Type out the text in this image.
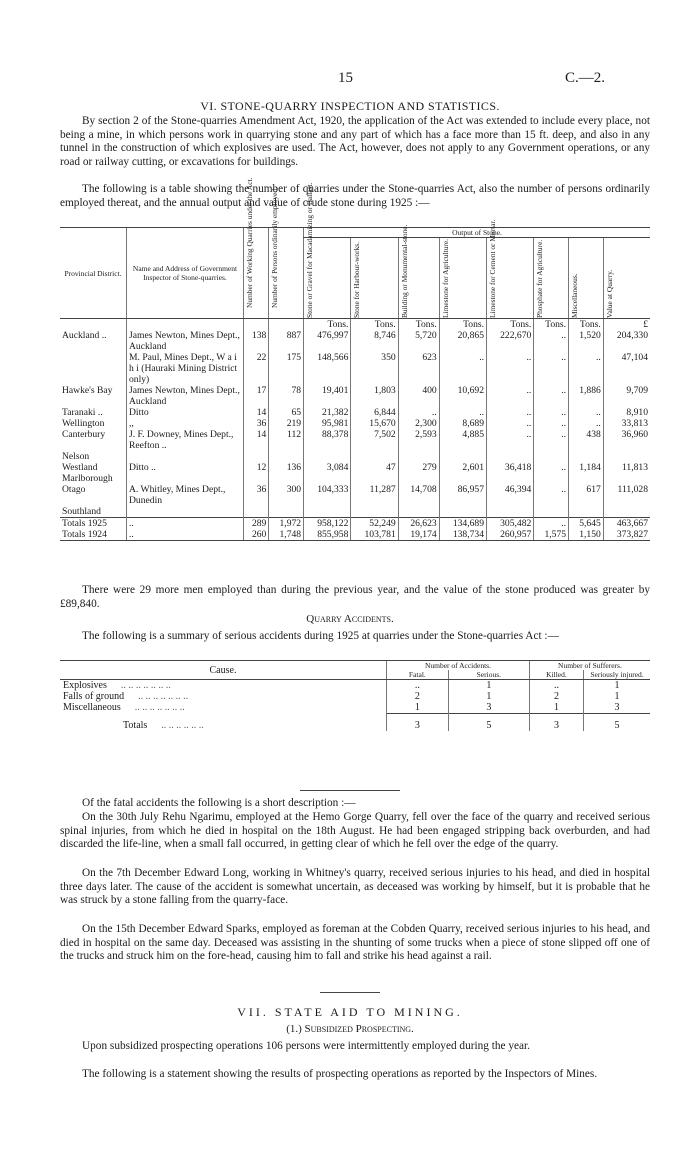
15	C.—2.
VI. STONE-QUARRY INSPECTION AND STATISTICS.
By section 2 of the Stone-quarries Amendment Act, 1920, the application of the Act was extended to include every place, not being a mine, in which persons work in quarrying stone and any part of which has a face more than 15 ft. deep, and also in any tunnel in the construction of which explosives are used. The Act, however, does not apply to any Government operations, or any road or railway cutting, or excavations for buildings.
The following is a table showing the number of quarries under the Stone-quarries Act, also the number of persons ordinarily employed thereat, and the annual output and value of crude stone during 1925 :—
Provincial District.	Name and Address of Government Inspector of Stone-quarries.	Number of Working Quarries under the Act.	Number of Persons ordinarily employed.	Output of Stone.							

				Stone or Gravel for Macadamizing or Ballast.	Stone for Harbour-works.	Building or Monumental-stone.	Limestone for Agriculture.	Limestone for Cement or Mortar.	Phosphate for Agriculture.	Miscellaneous.	Value at Quarry.

				Tons.	Tons.	Tons.	Tons.	Tons.	Tons.	Tons.	£
Auckland ..	James Newton, Mines Dept., Auckland	138	887	476,997	8,746	5,720	20,865	222,670	..	1,520	204,330
	M. Paul, Mines Dept., W a i h i (Hauraki Mining District only)	22	175	148,566	350	623	..	..	..	..	47,104
Hawke's Bay	James Newton, Mines Dept., Auckland	17	78	19,401	1,803	400	10,692	..	..	1,886	9,709
Taranaki ..	Ditto	14	65	21,382	6,844	..	..	..	..	..	8,910
Wellington	,,	36	219	95,981	15,670	2,300	8,689	..	..	..	33,813
Canterbury	J. F. Downey, Mines Dept., Reefton ..	14	112	88,378	7,502	2,593	4,885	..	..	438	36,960
Nelson											
Westland	Ditto ..	12	136	3,084	47	279	2,601	36,418	..	1,184	11,813
Marlborough											
Otago	A. Whitley, Mines Dept., Dunedin	36	300	104,333	11,287	14,708	86,957	46,394	..	617	111,028
Southland											
Totals 1925	..	289	1,972	958,122	52,249	26,623	134,689	305,482	..	5,645	463,667
Totals 1924	..	260	1,748	855,958	103,781	19,174	138,734	260,957	1,575	1,150	373,827
There were 29 more men employed than during the previous year, and the value of the stone produced was greater by £89,840.
Quarry Accidents.
The following is a summary of serious accidents during 1925 at quarries under the Stone-quarries Act :—
Cause.	Number of Accidents.		Number of Sufferers.	
	Fatal.	Serious.	Killed.	Seriously injured.
Explosives .. .. .. .. .. .. ..	..	1	..	1
Falls of ground .. .. .. .. .. .. ..	2	1	2	1
Miscellaneous .. .. .. .. .. .. ..	1	3	1	3
Totals .. .. .. .. .. ..	3	5	3	5
Of the fatal accidents the following is a short description :—
On the 30th July Rehu Ngarimu, employed at the Hemo Gorge Quarry, fell over the face of the quarry and received serious spinal injuries, from which he died in hospital on the 18th August. He had been engaged stripping back overburden, and had discarded the life-line, when a small fall occurred, in getting clear of which he fell over the edge of the quarry.
On the 7th December Edward Long, working in Whitney's quarry, received serious injuries to his head, and died in hospital three days later. The cause of the accident is somewhat uncertain, as deceased was working by himself, but it is probable that he was struck by a stone falling from the quarry-face.
On the 15th December Edward Sparks, employed as foreman at the Cobden Quarry, received serious injuries to his head, and died in hospital on the same day. Deceased was assisting in the shunting of some trucks when a piece of stone slipped off one of the trucks and struck him on the fore-head, causing him to fall and strike his head against a rail.
VII. STATE AID TO MINING.
(1.) Subsidized Prospecting.
Upon subsidized prospecting operations 106 persons were intermittently employed during the year.
The following is a statement showing the results of prospecting operations as reported by the Inspectors of Mines.
